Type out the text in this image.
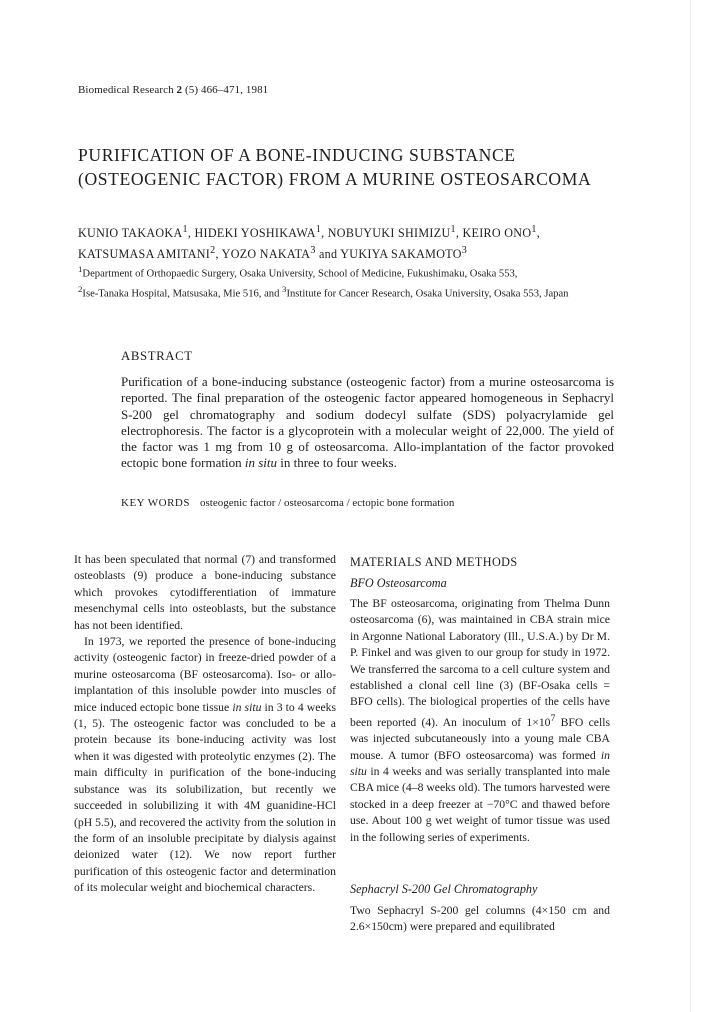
Biomedical Research 2 (5) 466–471, 1981
PURIFICATION OF A BONE-INDUCING SUBSTANCE
(OSTEOGENIC FACTOR) FROM A MURINE OSTEOSARCOMA
KUNIO TAKAOKA$^1$, HIDEKI YOSHIKAWA$^1$, NOBUYUKI SHIMIZU$^1$, KEIRO ONO$^1$,
KATSUMASA AMITANI$^2$, YOZO NAKATA$^3$ and YUKIYA SAKAMOTO$^3$
$^1$Department of Orthopaedic Surgery, Osaka University, School of Medicine, Fukushimaku, Osaka 553,
$^2$Ise-Tanaka Hospital, Matsusaka, Mie 516, and $^3$Institute for Cancer Research, Osaka University, Osaka 553, Japan
ABSTRACT
Purification of a bone-inducing substance (osteogenic factor) from a murine osteosarcoma is reported. The final preparation of the osteogenic factor appeared homogeneous in Sephacryl S-200 gel chromatography and sodium dodecyl sulfate (SDS) polyacrylamide gel electrophoresis. The factor is a glycoprotein with a molecular weight of 22,000. The yield of the factor was 1 mg from 10 g of osteosarcoma. Allo-implantation of the factor provoked ectopic bone formation in situ in three to four weeks.
KEY WORDS osteogenic factor / osteosarcoma / ectopic bone formation

It has been speculated that normal (7) and transformed osteoblasts (9) produce a bone-inducing substance which provokes cytodifferentiation of immature mesenchymal cells into osteoblasts, but the substance has not been identified.

In 1973, we reported the presence of bone-inducing activity (osteogenic factor) in freeze-dried powder of a murine osteosarcoma (BF osteosarcoma). Iso- or allo-implantation of this insoluble powder into muscles of mice induced ectopic bone tissue in situ in 3 to 4 weeks (1, 5). The osteogenic factor was concluded to be a protein because its bone-inducing activity was lost when it was digested with proteolytic enzymes (2). The main difficulty in purification of the bone-inducing substance was its solubilization, but recently we succeeded in solubilizing it with 4M guanidine-HCl (pH 5.5), and recovered the activity from the solution in the form of an insoluble precipitate by dialysis against deionized water (12). We now report further purification of this osteogenic factor and determination of its molecular weight and biochemical characters.

MATERIALS AND METHODS
BFO Osteosarcoma

The BF osteosarcoma, originating from Thelma Dunn osteosarcoma (6), was maintained in CBA strain mice in Argonne National Laboratory (Ill., U.S.A.) by Dr M. P. Finkel and was given to our group for study in 1972. We transferred the sarcoma to a cell culture system and established a clonal cell line (3) (BF-Osaka cells = BFO cells). The biological properties of the cells have been reported (4). An inoculum of $1\times 10^7$ BFO cells was injected subcutaneously into a young male CBA mouse. A tumor (BFO osteosarcoma) was formed in situ in 4 weeks and was serially transplanted into male CBA mice (4–8 weeks old). The tumors harvested were stocked in a deep freezer at −70°C and thawed before use. About 100 g wet weight of tumor tissue was used in the following series of experiments.

Sephacryl S-200 Gel Chromatography
Two Sephacryl S-200 gel columns (4×150 cm and 2.6×150cm) were prepared and equilibrated
